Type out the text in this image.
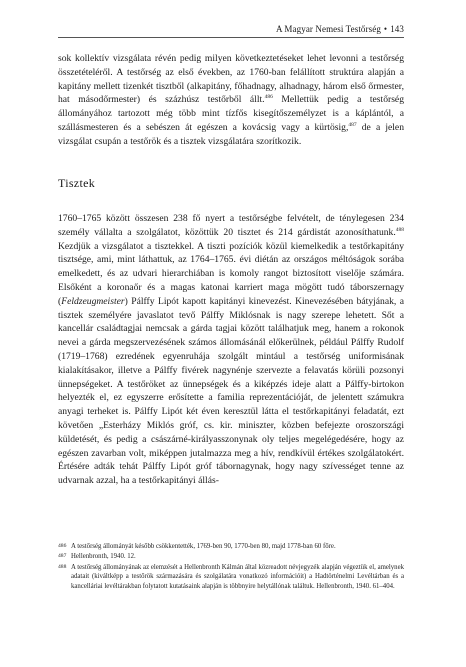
A Magyar Nemesi Testőrség • 143

sok kollektív vizsgálata révén pedig milyen következtetéseket lehet levonni a testőrség összetételéről. A testőrség az első években, az 1760-ban felállított struktúra alapján a kapitány mellett tizenkét tisztből (alkapitány, főhadnagy, alhadnagy, három első őrmester, hat másodőrmester) és százhúsz testőrből állt.$^{486}$ Mellettük pedig a testőrség állományához tartozott még több mint tízfős kisegítőszemélyzet is a káplántól, a szállásmesteren és a sebészen át egészen a kovácsig vagy a kürtösig,$^{487}$ de a jelen vizsgálat csupán a testőrök és a tisztek vizsgálatára szorítkozik.

Tisztek

1760–1765 között összesen 238 fő nyert a testőrségbe felvételt, de ténylegesen 234 személy vállalta a szolgálatot, közöttük 20 tisztet és 214 gárdistát azonosíthatunk.$^{488}$ Kezdjük a vizsgálatot a tisztekkel. A tiszti pozíciók közül kiemelkedik a testőrkapitány tisztsége, ami, mint láthattuk, az 1764–1765. évi diétán az országos méltóságok sorába emelkedett, és az udvari hierarchiában is komoly rangot biztosított viselője számára. Elsőként a koronaőr és a magas katonai karriert maga mögött tudó táborszernagy (Feldzeugmeister) Pálffy Lipót kapott kapitányi kinevezést. Kinevezésében bátyjának, a tisztek személyére javaslatot tevő Pálffy Miklósnak is nagy szerepe lehetett. Sőt a kancellár családtagjai nemcsak a gárda tagjai között találhatjuk meg, hanem a rokonok nevei a gárda megszervezésének számos állomásánál előkerülnek, például Pálffy Rudolf (1719–1768) ezredének egyenruhája szolgált mintául a testőrség uniformisának kialakításakor, illetve a Pálffy fivérek nagynénje szervezte a felavatás körüli pozsonyi ünnepségeket. A testőröket az ünnepségek és a kiképzés ideje alatt a Pálffy-birtokon helyezték el, ez egyszerre erősítette a familia reprezentációját, de jelentett számukra anyagi terheket is. Pálffy Lipót két éven keresztül látta el testőrkapitányi feladatát, ezt követően „Esterházy Miklós gróf, cs. kir. miniszter, közben befejezte oroszországi küldetését, és pedig a császárné-királyasszonynak oly teljes megelégedésére, hogy az egészen zavarban volt, miképpen jutalmazza meg a hív, rendkívül értékes szolgálatokért. Értésére adták tehát Pálffy Lipót gróf tábornagynak, hogy nagy szívességet tenne az udvarnak azzal, ha a testőrkapitányi állás-

486 A testőrség állományát később csökkentették, 1769-ben 90, 1770-ben 80, majd 1778-ban 60 főre.
487 Hellenbronth, 1940. 12.
488 A testőrség állományának az elemzését a Hellenbronth Kálmán által közreadott névjegyzék alapján végeztük el, amelynek adatait (kiváltképp a testőrök származására és szolgálatára vonatkozó információit) a Hadtörténelmi Levéltárban és a kancelláriai levéltárakban folytatott kutatásaink alapján is többnyire helytállónak találtuk. Hellenbronth, 1940. 61–404.
